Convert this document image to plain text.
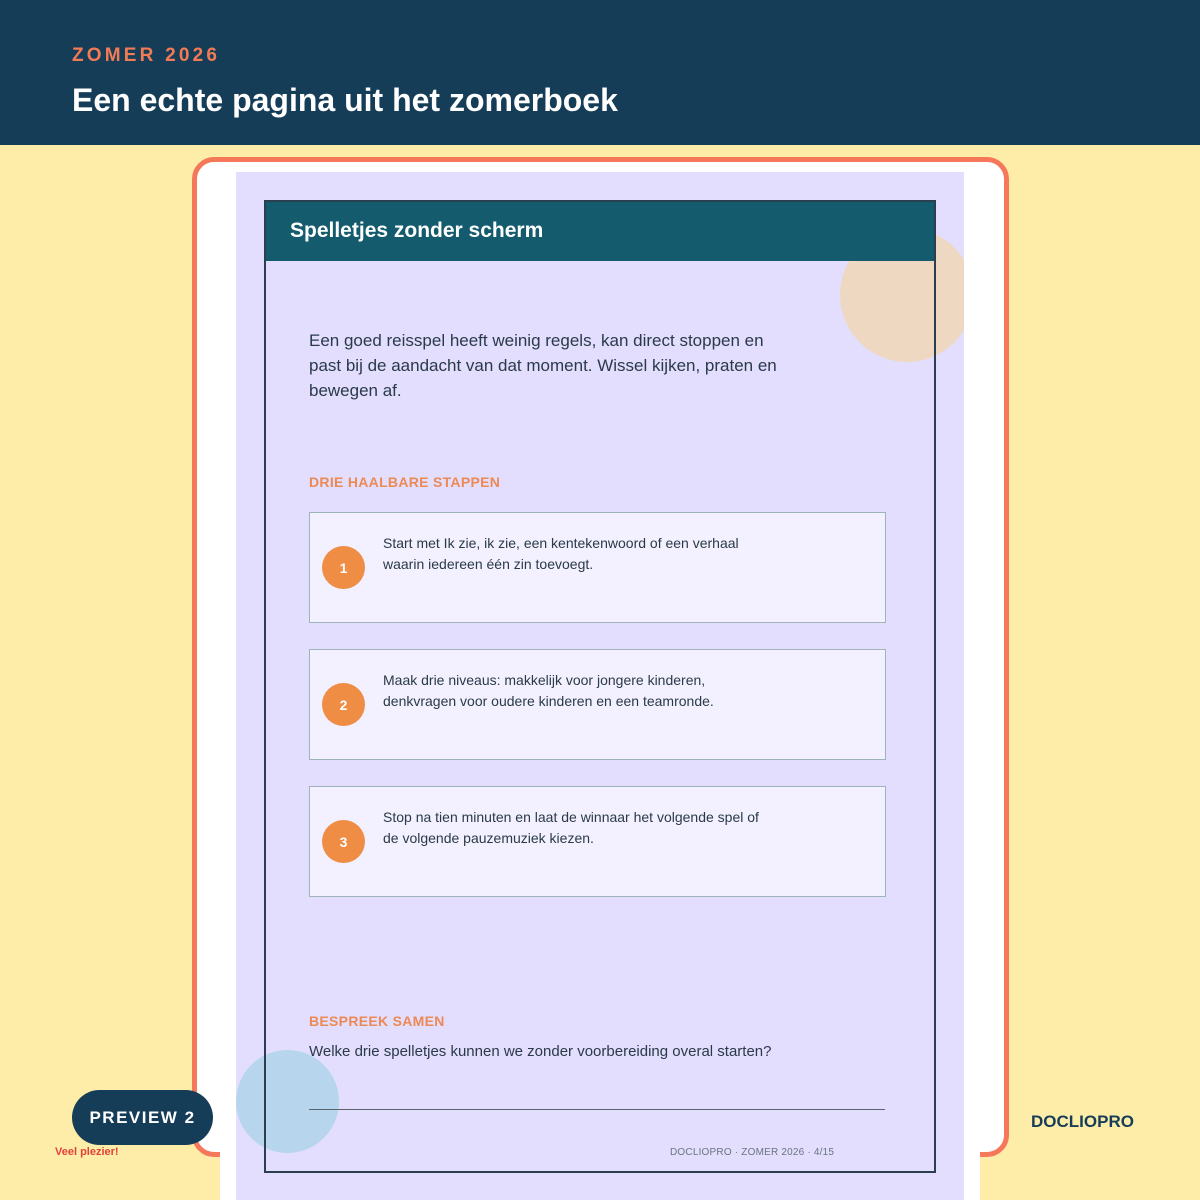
ZOMER 2026
Een echte pagina uit het zomerboek
Spelletjes zonder scherm
Een goed reisspel heeft weinig regels, kan direct stoppen en past bij de aandacht van dat moment. Wissel kijken, praten en bewegen af.
DRIE HAALBARE STAPPEN
1
Start met Ik zie, ik zie, een kentekenwoord of een verhaal waarin iedereen één zin toevoegt.
2
Maak drie niveaus: makkelijk voor jongere kinderen, denkvragen voor oudere kinderen en een teamronde.
3
Stop na tien minuten en laat de winnaar het volgende spel of de volgende pauzemuziek kiezen.
BESPREEK SAMEN
Welke drie spelletjes kunnen we zonder voorbereiding overal starten?
Veel plezier!	DOCLIOPRO · ZOMER 2026 · 4/15
PREVIEW 2	DOCLIOPRO
